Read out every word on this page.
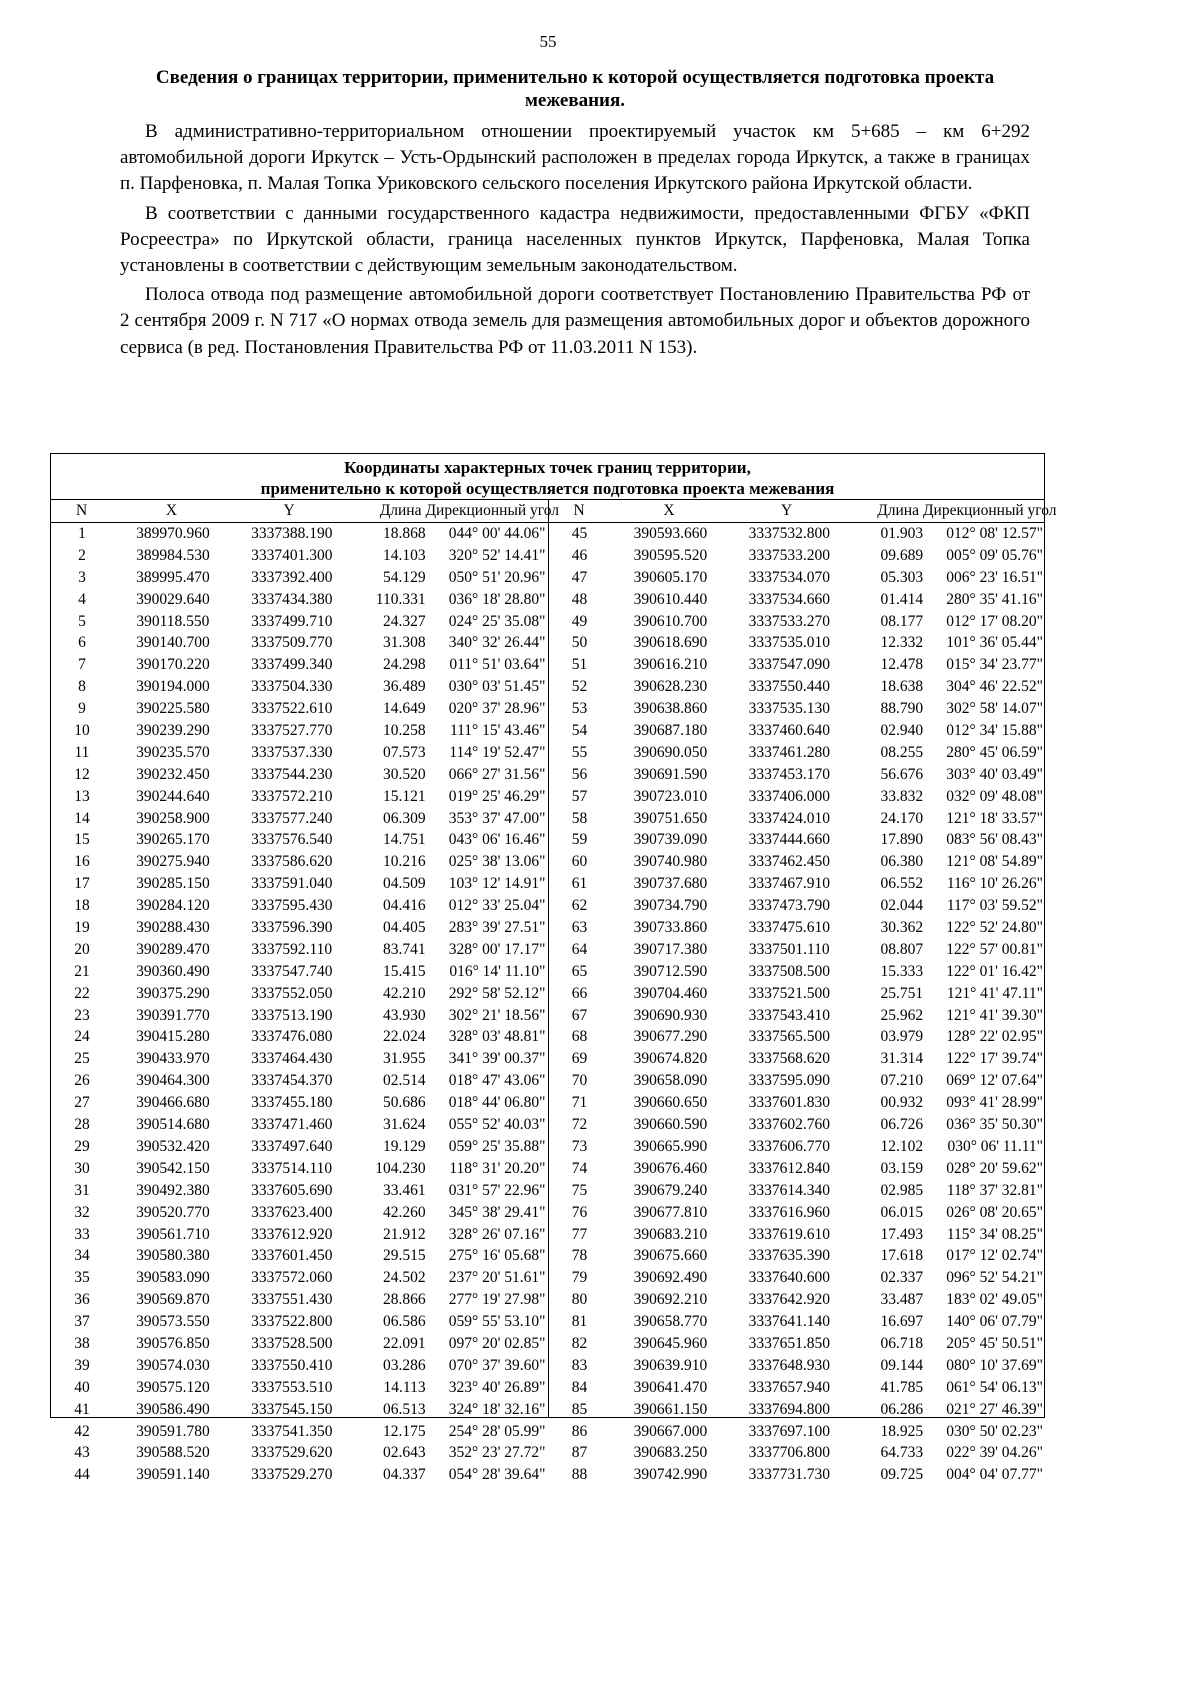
55
Сведения о границах территории, применительно к которой осуществляется подготовка проекта межевания.

В административно-территориальном отношении проектируемый участок км 5+685 – км 6+292 автомобильной дороги Иркутск – Усть-Ордынский расположен в пределах города Иркутск, а также в границах п. Парфеновка, п. Малая Топка Уриковского сельского поселения Иркутского района Иркутской области.

В соответствии с данными государственного кадастра недвижимости, предоставленными ФГБУ «ФКП Росреестра» по Иркутской области, граница населенных пунктов Иркутск, Парфеновка, Малая Топка установлены в соответствии с действующим земельным законодательством.

Полоса отвода под размещение автомобильной дороги соответствует Постановлению Правительства РФ от 2 сентября 2009 г. N 717 «О нормах отвода земель для размещения автомобильных дорог и объектов дорожного сервиса (в ред. Постановления Правительства РФ от 11.03.2011 N 153).

Координаты характерных точек границ территории,
применительно к которой осуществляется подготовка проекта межевания
N	X	Y	Длина Дирекционный угол
1	389970.960	3337388.190	18.868	044° 00' 44.06"
2	389984.530	3337401.300	14.103	320° 52' 14.41"
3	389995.470	3337392.400	54.129	050° 51' 20.96"
4	390029.640	3337434.380	110.331	036° 18' 28.80"
5	390118.550	3337499.710	24.327	024° 25' 35.08"
6	390140.700	3337509.770	31.308	340° 32' 26.44"
7	390170.220	3337499.340	24.298	011° 51' 03.64"
8	390194.000	3337504.330	36.489	030° 03' 51.45"
9	390225.580	3337522.610	14.649	020° 37' 28.96"
10	390239.290	3337527.770	10.258	111° 15' 43.46"
11	390235.570	3337537.330	07.573	114° 19' 52.47"
12	390232.450	3337544.230	30.520	066° 27' 31.56"
13	390244.640	3337572.210	15.121	019° 25' 46.29"
14	390258.900	3337577.240	06.309	353° 37' 47.00"
15	390265.170	3337576.540	14.751	043° 06' 16.46"
16	390275.940	3337586.620	10.216	025° 38' 13.06"
17	390285.150	3337591.040	04.509	103° 12' 14.91"
18	390284.120	3337595.430	04.416	012° 33' 25.04"
19	390288.430	3337596.390	04.405	283° 39' 27.51"
20	390289.470	3337592.110	83.741	328° 00' 17.17"
21	390360.490	3337547.740	15.415	016° 14' 11.10"
22	390375.290	3337552.050	42.210	292° 58' 52.12"
23	390391.770	3337513.190	43.930	302° 21' 18.56"
24	390415.280	3337476.080	22.024	328° 03' 48.81"
25	390433.970	3337464.430	31.955	341° 39' 00.37"
26	390464.300	3337454.370	02.514	018° 47' 43.06"
27	390466.680	3337455.180	50.686	018° 44' 06.80"
28	390514.680	3337471.460	31.624	055° 52' 40.03"
29	390532.420	3337497.640	19.129	059° 25' 35.88"
30	390542.150	3337514.110	104.230	118° 31' 20.20"
31	390492.380	3337605.690	33.461	031° 57' 22.96"
32	390520.770	3337623.400	42.260	345° 38' 29.41"
33	390561.710	3337612.920	21.912	328° 26' 07.16"
34	390580.380	3337601.450	29.515	275° 16' 05.68"
35	390583.090	3337572.060	24.502	237° 20' 51.61"
36	390569.870	3337551.430	28.866	277° 19' 27.98"
37	390573.550	3337522.800	06.586	059° 55' 53.10"
38	390576.850	3337528.500	22.091	097° 20' 02.85"
39	390574.030	3337550.410	03.286	070° 37' 39.60"
40	390575.120	3337553.510	14.113	323° 40' 26.89"
41	390586.490	3337545.150	06.513	324° 18' 32.16"
42	390591.780	3337541.350	12.175	254° 28' 05.99"
43	390588.520	3337529.620	02.643	352° 23' 27.72"
44	390591.140	3337529.270	04.337	054° 28' 39.64"
N	X	Y	Длина Дирекционный угол
45	390593.660	3337532.800	01.903	012° 08' 12.57"
46	390595.520	3337533.200	09.689	005° 09' 05.76"
47	390605.170	3337534.070	05.303	006° 23' 16.51"
48	390610.440	3337534.660	01.414	280° 35' 41.16"
49	390610.700	3337533.270	08.177	012° 17' 08.20"
50	390618.690	3337535.010	12.332	101° 36' 05.44"
51	390616.210	3337547.090	12.478	015° 34' 23.77"
52	390628.230	3337550.440	18.638	304° 46' 22.52"
53	390638.860	3337535.130	88.790	302° 58' 14.07"
54	390687.180	3337460.640	02.940	012° 34' 15.88"
55	390690.050	3337461.280	08.255	280° 45' 06.59"
56	390691.590	3337453.170	56.676	303° 40' 03.49"
57	390723.010	3337406.000	33.832	032° 09' 48.08"
58	390751.650	3337424.010	24.170	121° 18' 33.57"
59	390739.090	3337444.660	17.890	083° 56' 08.43"
60	390740.980	3337462.450	06.380	121° 08' 54.89"
61	390737.680	3337467.910	06.552	116° 10' 26.26"
62	390734.790	3337473.790	02.044	117° 03' 59.52"
63	390733.860	3337475.610	30.362	122° 52' 24.80"
64	390717.380	3337501.110	08.807	122° 57' 00.81"
65	390712.590	3337508.500	15.333	122° 01' 16.42"
66	390704.460	3337521.500	25.751	121° 41' 47.11"
67	390690.930	3337543.410	25.962	121° 41' 39.30"
68	390677.290	3337565.500	03.979	128° 22' 02.95"
69	390674.820	3337568.620	31.314	122° 17' 39.74"
70	390658.090	3337595.090	07.210	069° 12' 07.64"
71	390660.650	3337601.830	00.932	093° 41' 28.99"
72	390660.590	3337602.760	06.726	036° 35' 50.30"
73	390665.990	3337606.770	12.102	030° 06' 11.11"
74	390676.460	3337612.840	03.159	028° 20' 59.62"
75	390679.240	3337614.340	02.985	118° 37' 32.81"
76	390677.810	3337616.960	06.015	026° 08' 20.65"
77	390683.210	3337619.610	17.493	115° 34' 08.25"
78	390675.660	3337635.390	17.618	017° 12' 02.74"
79	390692.490	3337640.600	02.337	096° 52' 54.21"
80	390692.210	3337642.920	33.487	183° 02' 49.05"
81	390658.770	3337641.140	16.697	140° 06' 07.79"
82	390645.960	3337651.850	06.718	205° 45' 50.51"
83	390639.910	3337648.930	09.144	080° 10' 37.69"
84	390641.470	3337657.940	41.785	061° 54' 06.13"
85	390661.150	3337694.800	06.286	021° 27' 46.39"
86	390667.000	3337697.100	18.925	030° 50' 02.23"
87	390683.250	3337706.800	64.733	022° 39' 04.26"
88	390742.990	3337731.730	09.725	004° 04' 07.77"
